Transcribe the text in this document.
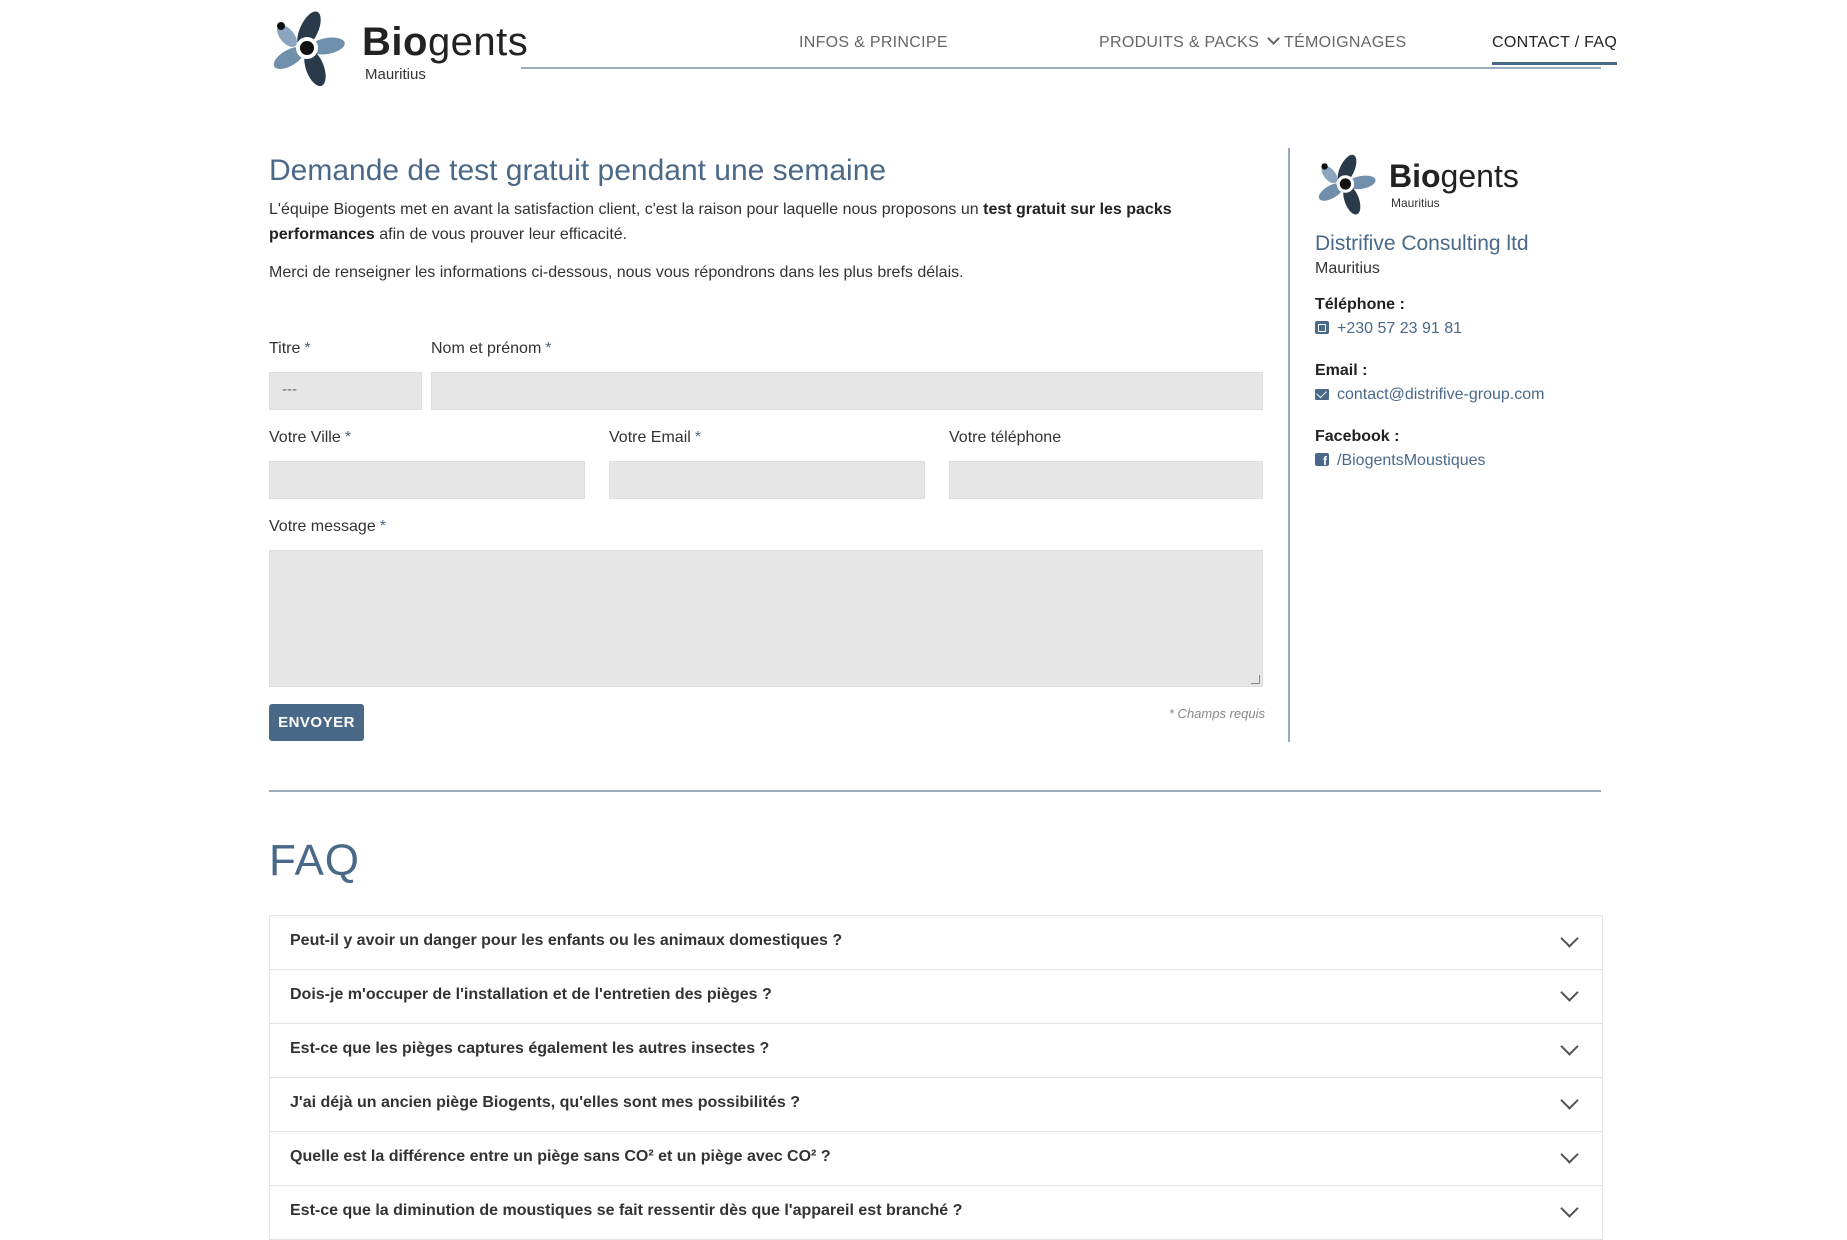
Biogents
Mauritius
INFOS & PRINCIPE	PRODUITS & PACKS	TÉMOIGNAGES	CONTACT / FAQ
Demande de test gratuit pendant une semaine
L'équipe Biogents met en avant la satisfaction client, c'est la raison pour laquelle nous proposons un test gratuit sur les packs performances afin de vous prouver leur efficacité.
Merci de renseigner les informations ci-dessous, nous vous répondrons dans les plus brefs délais.
Titre *
---
Nom et prénom *
Votre Ville *	Votre Email *	Votre téléphone
Votre message *
ENVOYER
* Champs requis
Biogents
Mauritius
Distrifive Consulting ltd
Mauritius
Téléphone :
+230 57 23 91 81
Email :
contact@distrifive-group.com
Facebook :
f/BiogentsMoustiques
FAQ
Peut-il y avoir un danger pour les enfants ou les animaux domestiques ?
Dois-je m'occuper de l'installation et de l'entretien des pièges ?
Est-ce que les pièges captures également les autres insectes ?
J'ai déjà un ancien piège Biogents, qu'elles sont mes possibilités ?
Quelle est la différence entre un piège sans CO² et un piège avec CO² ?
Est-ce que la diminution de moustiques se fait ressentir dès que l'appareil est branché ?
